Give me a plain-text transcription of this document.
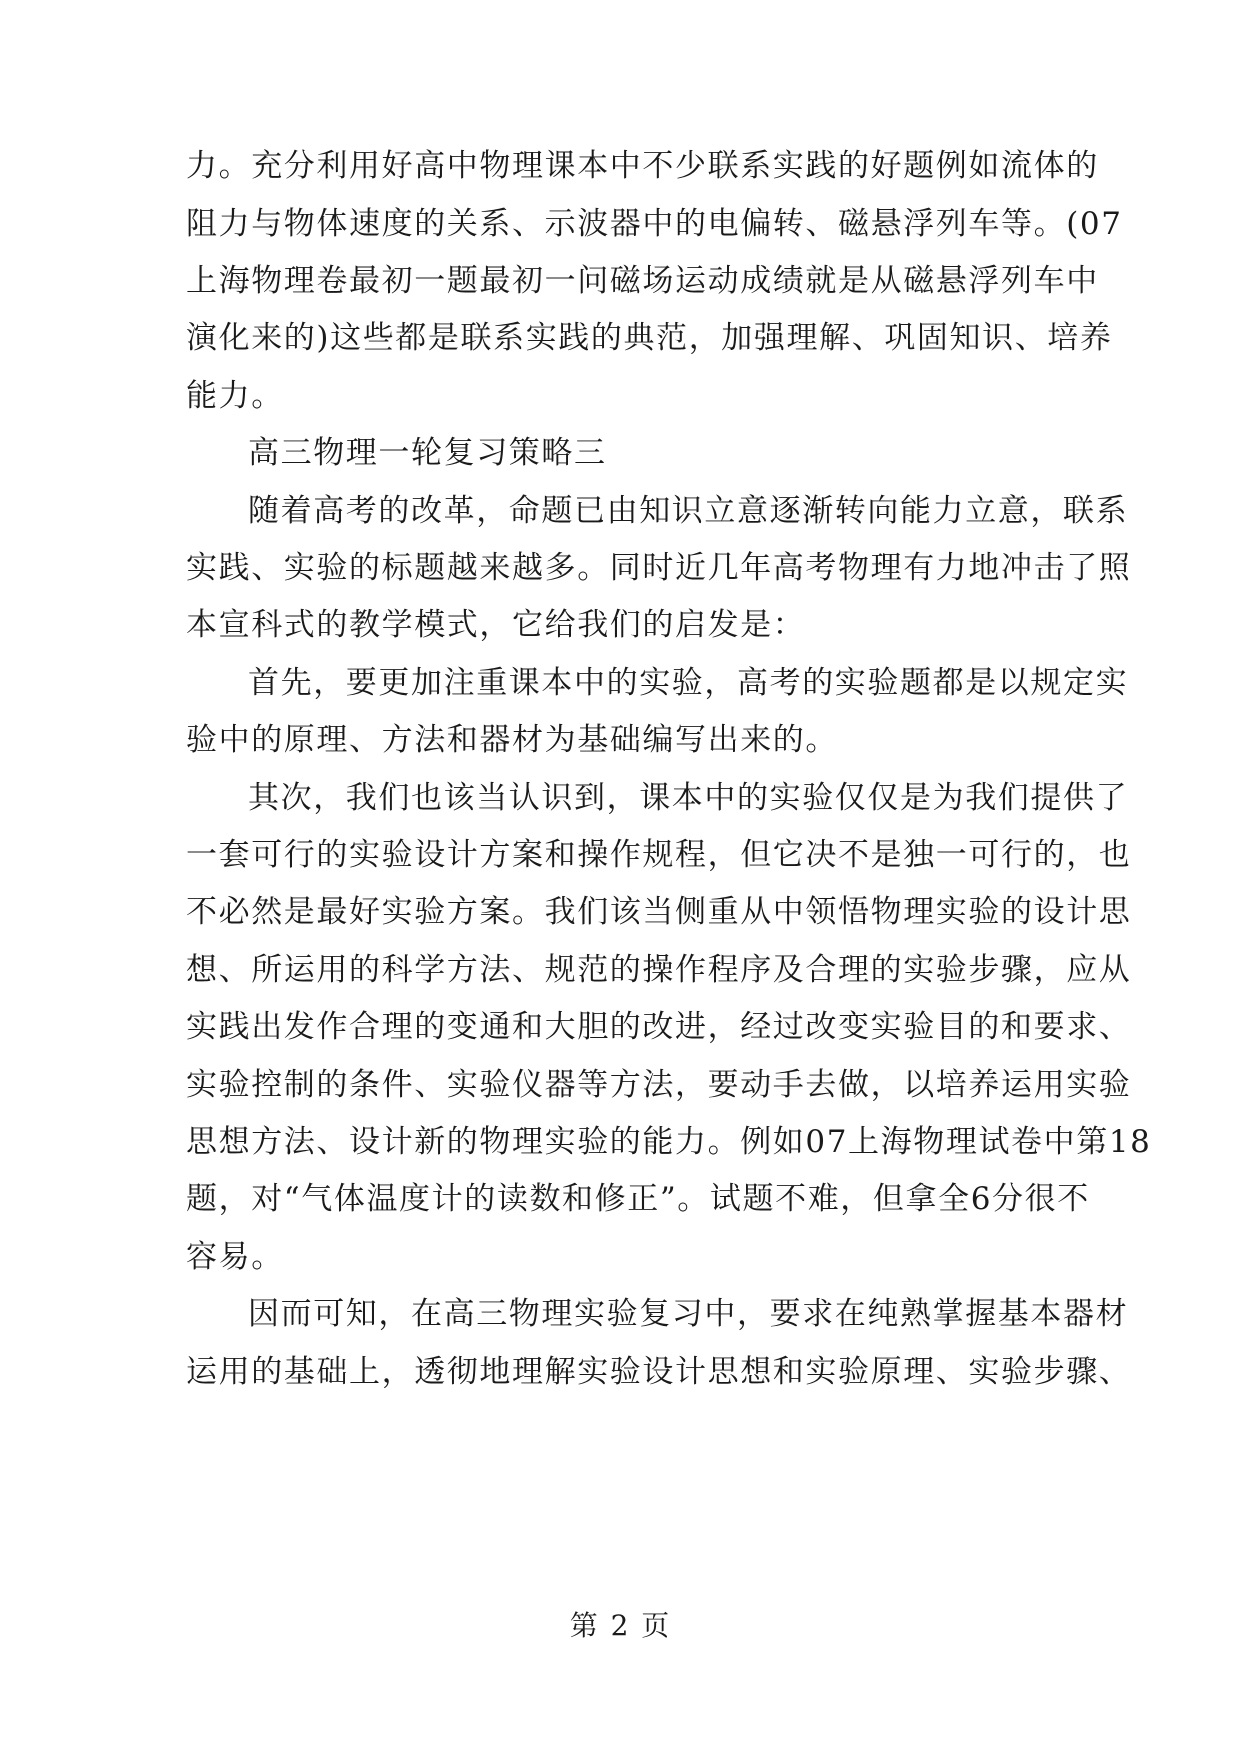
力。充分利用好高中物理课本中不少联系实践的好题例如流体的
阻力与物体速度的关系、示波器中的电偏转、磁悬浮列车等。(07
上海物理卷最初一题最初一问磁场运动成绩就是从磁悬浮列车中
演化来的)这些都是联系实践的典范，加强理解、巩固知识、培养
能力。
高三物理一轮复习策略三
随着高考的改革，命题已由知识立意逐渐转向能力立意，联系
实践、实验的标题越来越多。同时近几年高考物理有力地冲击了照
本宣科式的教学模式，它给我们的启发是：
首先，要更加注重课本中的实验，高考的实验题都是以规定实
验中的原理、方法和器材为基础编写出来的。
其次，我们也该当认识到，课本中的实验仅仅是为我们提供了
一套可行的实验设计方案和操作规程，但它决不是独一可行的，也
不必然是最好实验方案。我们该当侧重从中领悟物理实验的设计思
想、所运用的科学方法、规范的操作程序及合理的实验步骤，应从
实践出发作合理的变通和大胆的改进，经过改变实验目的和要求、
实验控制的条件、实验仪器等方法，要动手去做，以培养运用实验
思想方法、设计新的物理实验的能力。例如07上海物理试卷中第18
题，对“气体温度计的读数和修正”。试题不难，但拿全6分很不
容易。
因而可知，在高三物理实验复习中，要求在纯熟掌握基本器材
运用的基础上，透彻地理解实验设计思想和实验原理、实验步骤、
第 2 页
